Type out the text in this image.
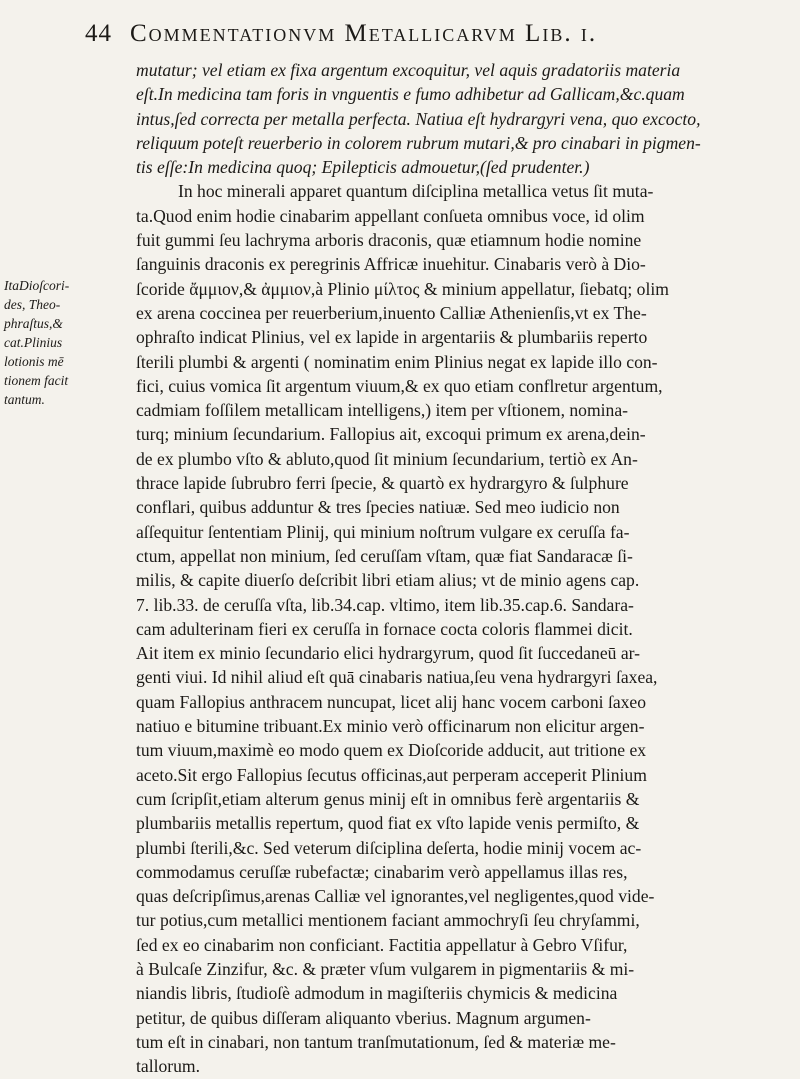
44 Commentationvm Metallicarvm Lib. i.
ItaDioſcori-
des, Theo-
phraſtus,&
cat.Plinius
lotionis mē
tionem facit
tantum.
mutatur; vel etiam ex fixa argentum excoquitur, vel aquis gradatoriis materia
eſt.In medicina tam foris in vnguentis e fumo adhibetur ad Gallicam,&c.quam
intus,ſed correcta per metalla perfecta. Natiua eſt hydrargyri vena, quo excocto,
reliquum poteſt reuerberio in colorem rubrum mutari,& pro cinabari in pigmen-
tis eſſe:In medicina quoq; Epilepticis admouetur,(ſed prudenter.)
In hoc minerali apparet quantum diſciplina metallica vetus ſit muta-
ta.Quod enim hodie cinabarim appellant conſueta omnibus voce, id olim
fuit gummi ſeu lachryma arboris draconis, quæ etiamnum hodie nomine
ſanguinis draconis ex peregrinis Affricæ inuehitur. Cinabaris verò à Dio-
ſcoride ἄμμιον,& ἀμμιον,à Plinio μίλτος & minium appellatur, ſiebatq; olim
ex arena coccinea per reuerberium,inuento Calliæ Athenienſis,vt ex The-
ophraſto indicat Plinius, vel ex lapide in argentariis & plumbariis reperto
ſterili plumbi & argenti ( nominatim enim Plinius negat ex lapide illo con-
fici, cuius vomica ſit argentum viuum,& ex quo etiam conflretur argentum,
cadmiam foſſilem metallicam intelligens,) item per vſtionem, nomina-
turq; minium ſecundarium. Fallopius ait, excoqui primum ex arena,dein-
de ex plumbo vſto & abluto,quod ſit minium ſecundarium, tertiò ex An-
thrace lapide ſubrubro ferri ſpecie, & quartò ex hydrargyro & ſulphure
conflari, quibus adduntur & tres ſpecies natiuæ. Sed meo iudicio non
aſſequitur ſententiam Plinij, qui minium noſtrum vulgare ex ceruſſa fa-
ctum, appellat non minium, ſed ceruſſam vſtam, quæ fiat Sandaracæ ſi-
milis, & capite diuerſo deſcribit libri etiam alius; vt de minio agens cap.
7. lib.33. de ceruſſa vſta, lib.34.cap. vltimo, item lib.35.cap.6. Sandara-
cam adulterinam fieri ex ceruſſa in fornace cocta coloris flammei dicit.
Ait item ex minio ſecundario elici hydrargyrum, quod ſit ſuccedaneū ar-
genti viui. Id nihil aliud eſt quā cinabaris natiua,ſeu vena hydrargyri ſaxea,
quam Fallopius anthracem nuncupat, licet alij hanc vocem carboni ſaxeo
natiuo e bitumine tribuant.Ex minio verò officinarum non elicitur argen-
tum viuum,maximè eo modo quem ex Dioſcoride adducit, aut tritione ex
aceto.Sit ergo Fallopius ſecutus officinas,aut perperam acceperit Plinium
cum ſcripſit,etiam alterum genus minij eſt in omnibus ferè argentariis &
plumbariis metallis repertum, quod fiat ex vſto lapide venis permiſto, &
plumbi ſterili,&c. Sed veterum diſciplina deſerta, hodie minij vocem ac-
commodamus ceruſſæ rubefactæ; cinabarim verò appellamus illas res,
quas deſcripſimus,arenas Calliæ vel ignorantes,vel negligentes,quod vide-
tur potius,cum metallici mentionem faciant ammochryſi ſeu chryſammi,
ſed ex eo cinabarim non conficiant. Factitia appellatur à Gebro Vſifur,
à Bulcaſe Zinzifur, &c. & præter vſum vulgarem in pigmentariis & mi-
niandis libris, ſtudioſè admodum in magiſteriis chymicis & medicina
petitur, de quibus diſſeram aliquanto vberius. Magnum argumen-
tum eſt in cinabari, non tantum tranſmutationum, ſed & materiæ me-
tallorum.
